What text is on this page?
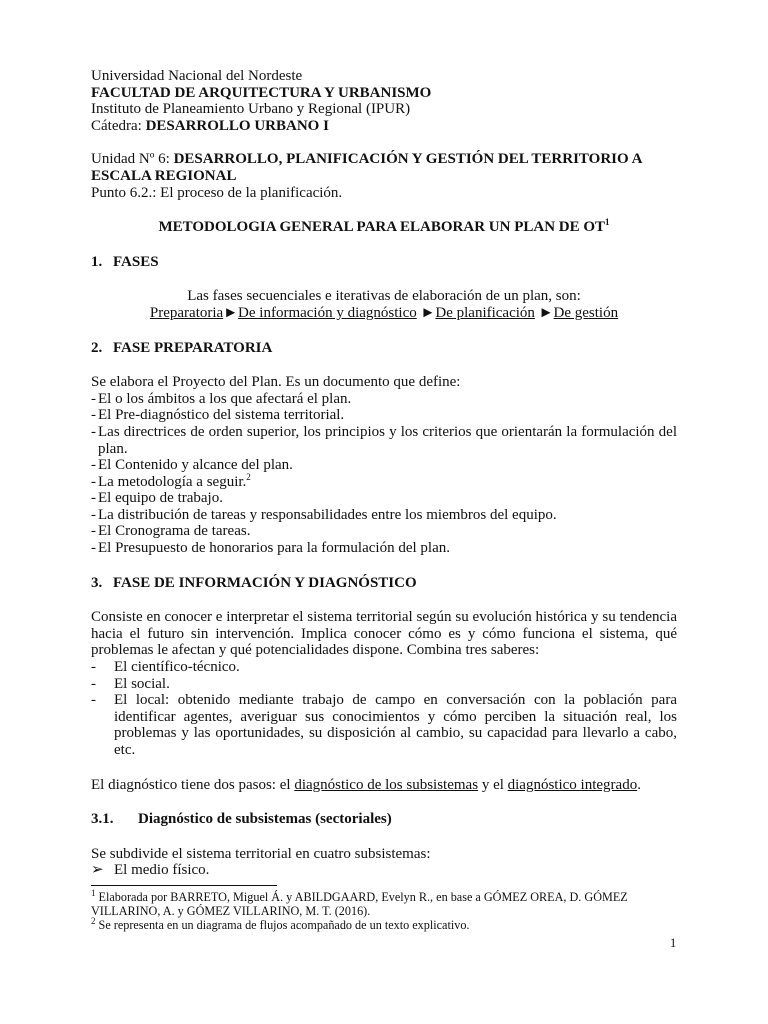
Universidad Nacional del Nordeste
FACULTAD DE ARQUITECTURA Y URBANISMO
Instituto de Planeamiento Urbano y Regional (IPUR)
Cátedra: DESARROLLO URBANO I
Unidad Nº 6: DESARROLLO, PLANIFICACIÓN Y GESTIÓN DEL TERRITORIO A
ESCALA REGIONAL
Punto 6.2.: El proceso de la planificación.
METODOLOGIA GENERAL PARA ELABORAR UN PLAN DE $OT^1$
1. FASES
Las fases secuenciales e iterativas de elaboración de un plan, son:
Preparatoria►De información y diagnóstico ►De planificación ►De gestión
2. FASE PREPARATORIA
Se elabora el Proyecto del Plan. Es un documento que define:
- El o los ámbitos a los que afectará el plan.
- El Pre-diagnóstico del sistema territorial.
- Las directrices de orden superior, los principios y los criterios que orientarán la formulación del plan.
- El Contenido y alcance del plan.
- La metodología a seguir.$^2$
- El equipo de trabajo.
- La distribución de tareas y responsabilidades entre los miembros del equipo.
- El Cronograma de tareas.
- El Presupuesto de honorarios para la formulación del plan.
3. FASE DE INFORMACIÓN Y DIAGNÓSTICO
Consiste en conocer e interpretar el sistema territorial según su evolución histórica y su tendencia hacia el futuro sin intervención. Implica conocer cómo es y cómo funciona el sistema, qué problemas le afectan y qué potencialidades dispone. Combina tres saberes:
-	El científico-técnico.
-	El social.
-	El local: obtenido mediante trabajo de campo en conversación con la población para identificar agentes, averiguar sus conocimientos y cómo perciben la situación real, los problemas y las oportunidades, su disposición al cambio, su capacidad para llevarlo a cabo, etc.
El diagnóstico tiene dos pasos: el diagnóstico de los subsistemas y el diagnóstico integrado.
3.1.	Diagnóstico de subsistemas (sectoriales)
Se subdivide el sistema territorial en cuatro subsistemas:
➢ El medio físico.
$^1$ Elaborada por BARRETO, Miguel Á. y ABILDGAARD, Evelyn R., en base a GÓMEZ OREA, D. GÓMEZ VILLARINO, A. y GÓMEZ VILLARINO, M. T. (2016).
$^2$ Se representa en un diagrama de flujos acompañado de un texto explicativo.
1
